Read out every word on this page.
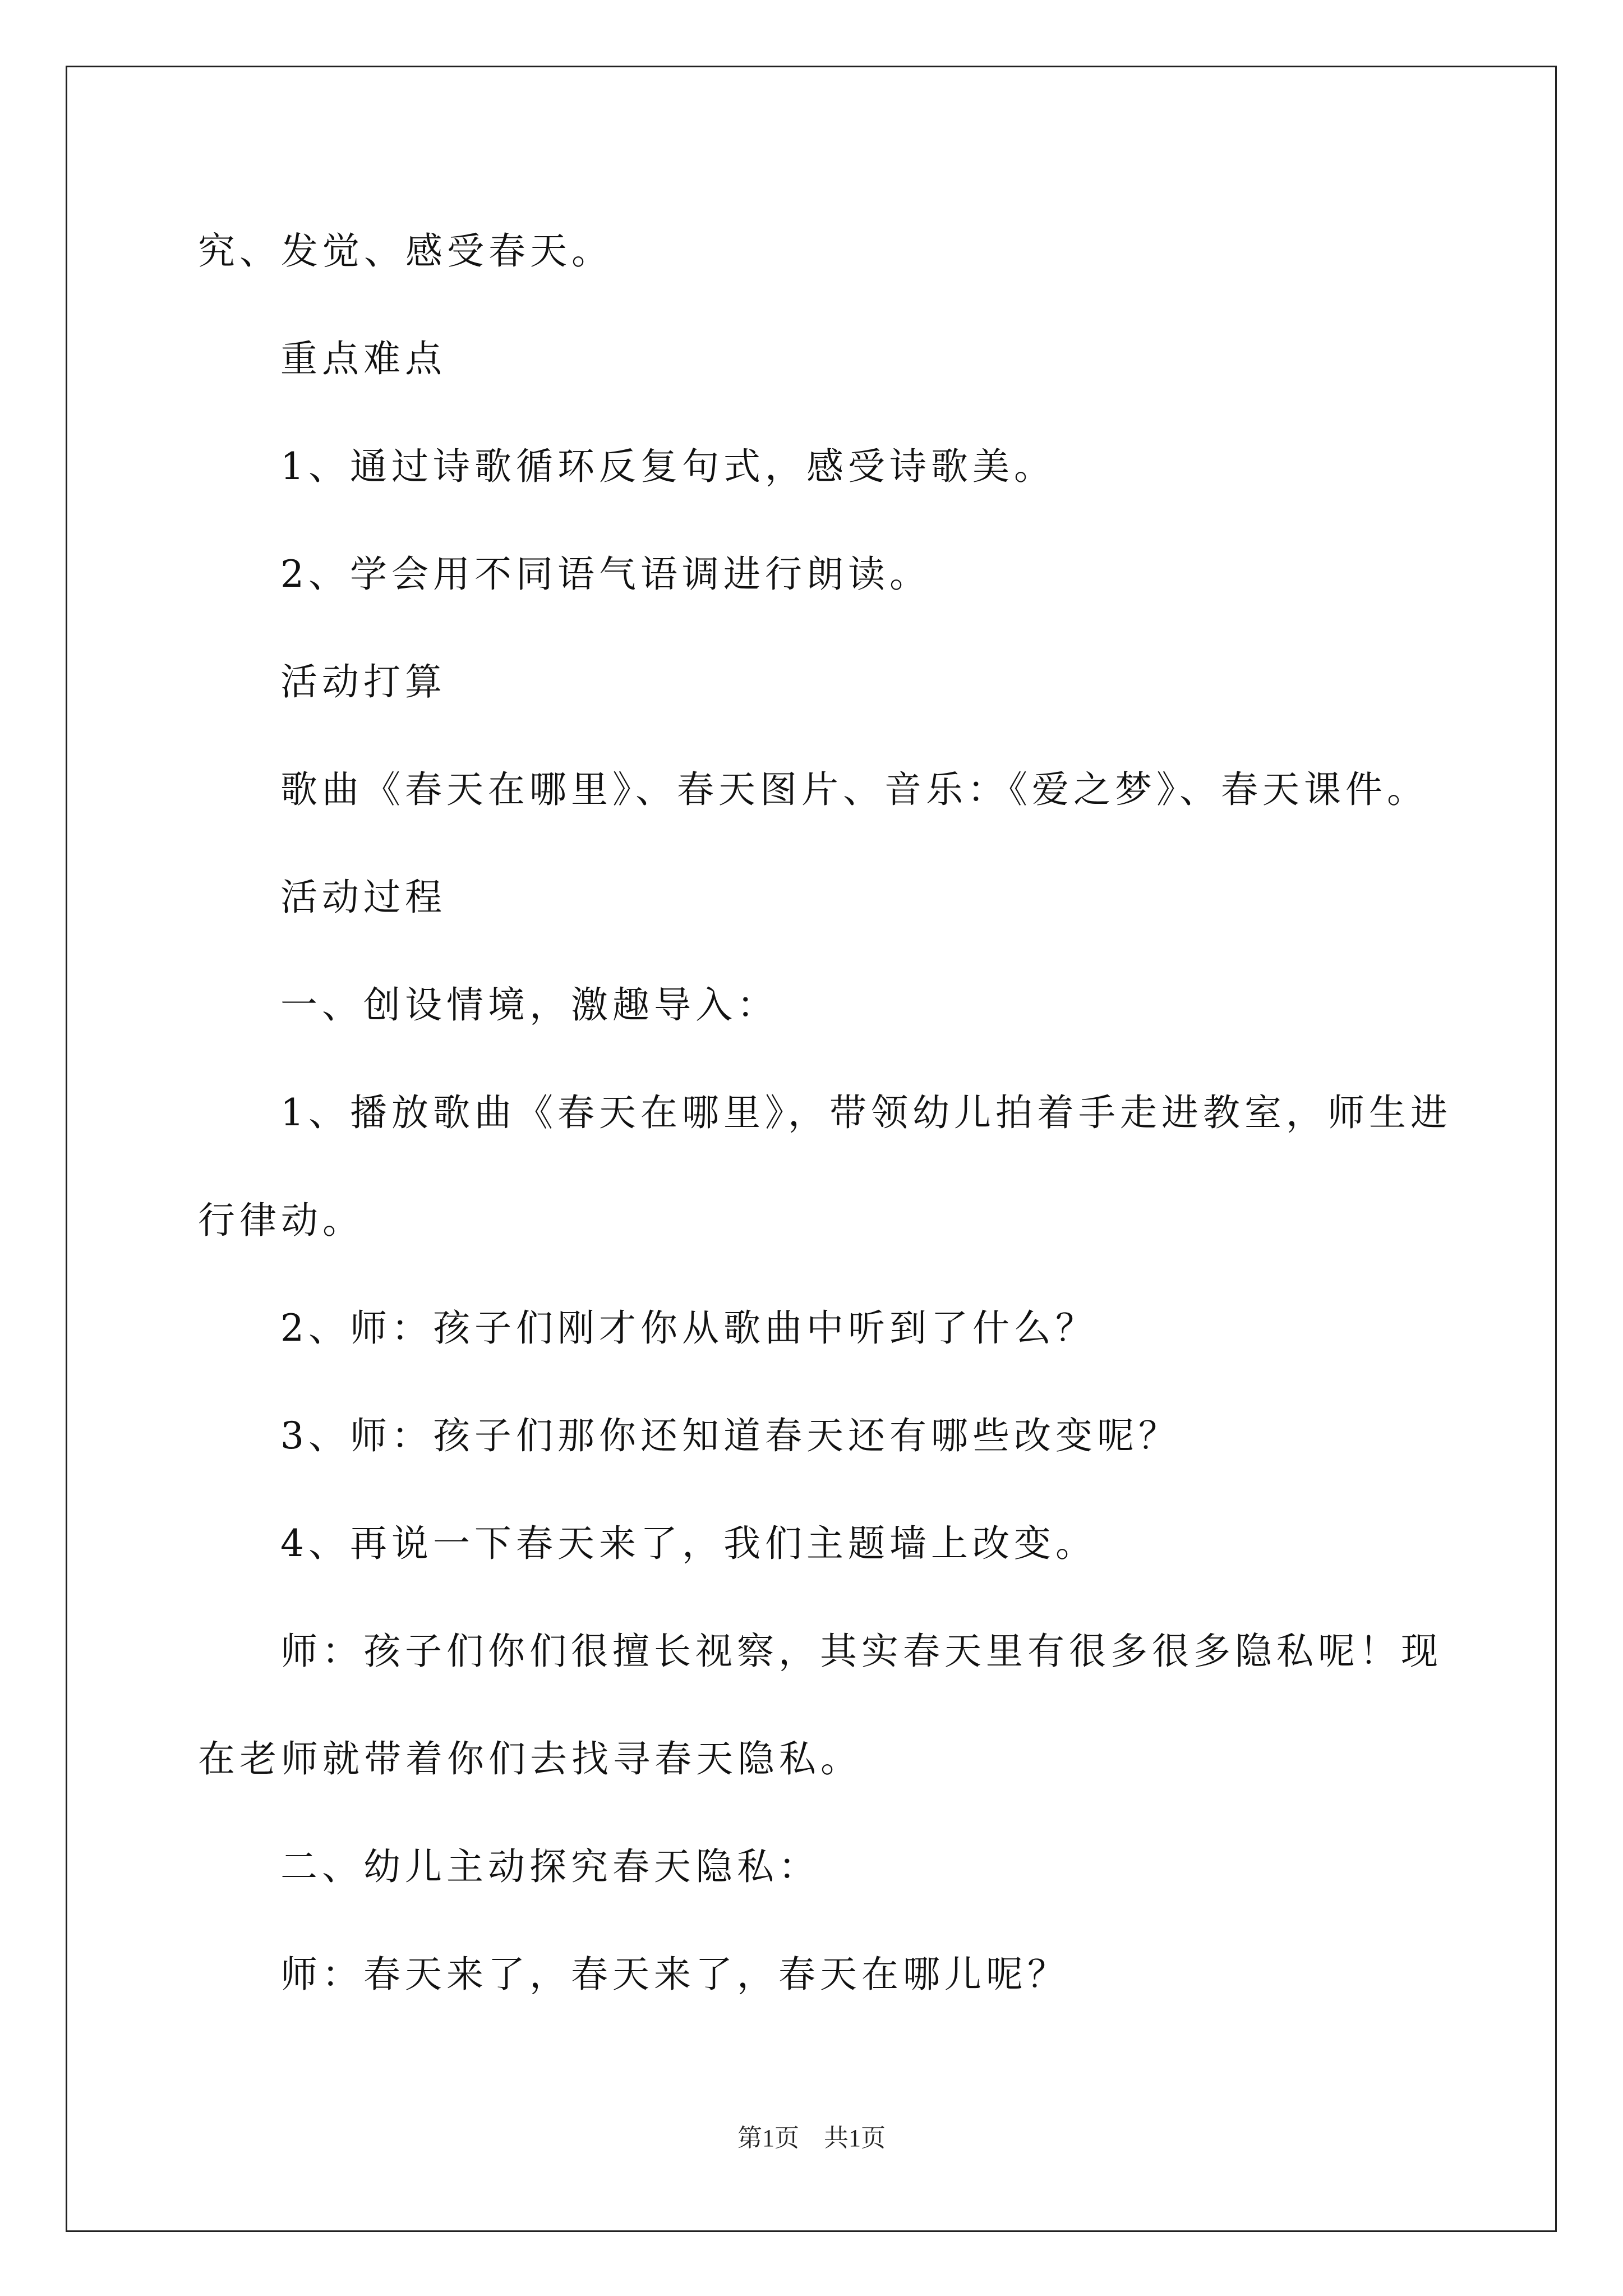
究、发觉、感受春天。
重点难点
1、通过诗歌循环反复句式，感受诗歌美。
2、学会用不同语气语调进行朗读。
活动打算
歌曲《春天在哪里》、春天图片、音乐：《爱之梦》、春天课件。
活动过程
一、创设情境，激趣导入：
1、播放歌曲《春天在哪里》，带领幼儿拍着手走进教室，师生进
行律动。
2、师：孩子们刚才你从歌曲中听到了什么？
3、师：孩子们那你还知道春天还有哪些改变呢？
4、再说一下春天来了，我们主题墙上改变。
师：孩子们你们很擅长视察，其实春天里有很多很多隐私呢！现
在老师就带着你们去找寻春天隐私。
二、幼儿主动探究春天隐私：
师：春天来了，春天来了，春天在哪儿呢？
第1页　共1页
